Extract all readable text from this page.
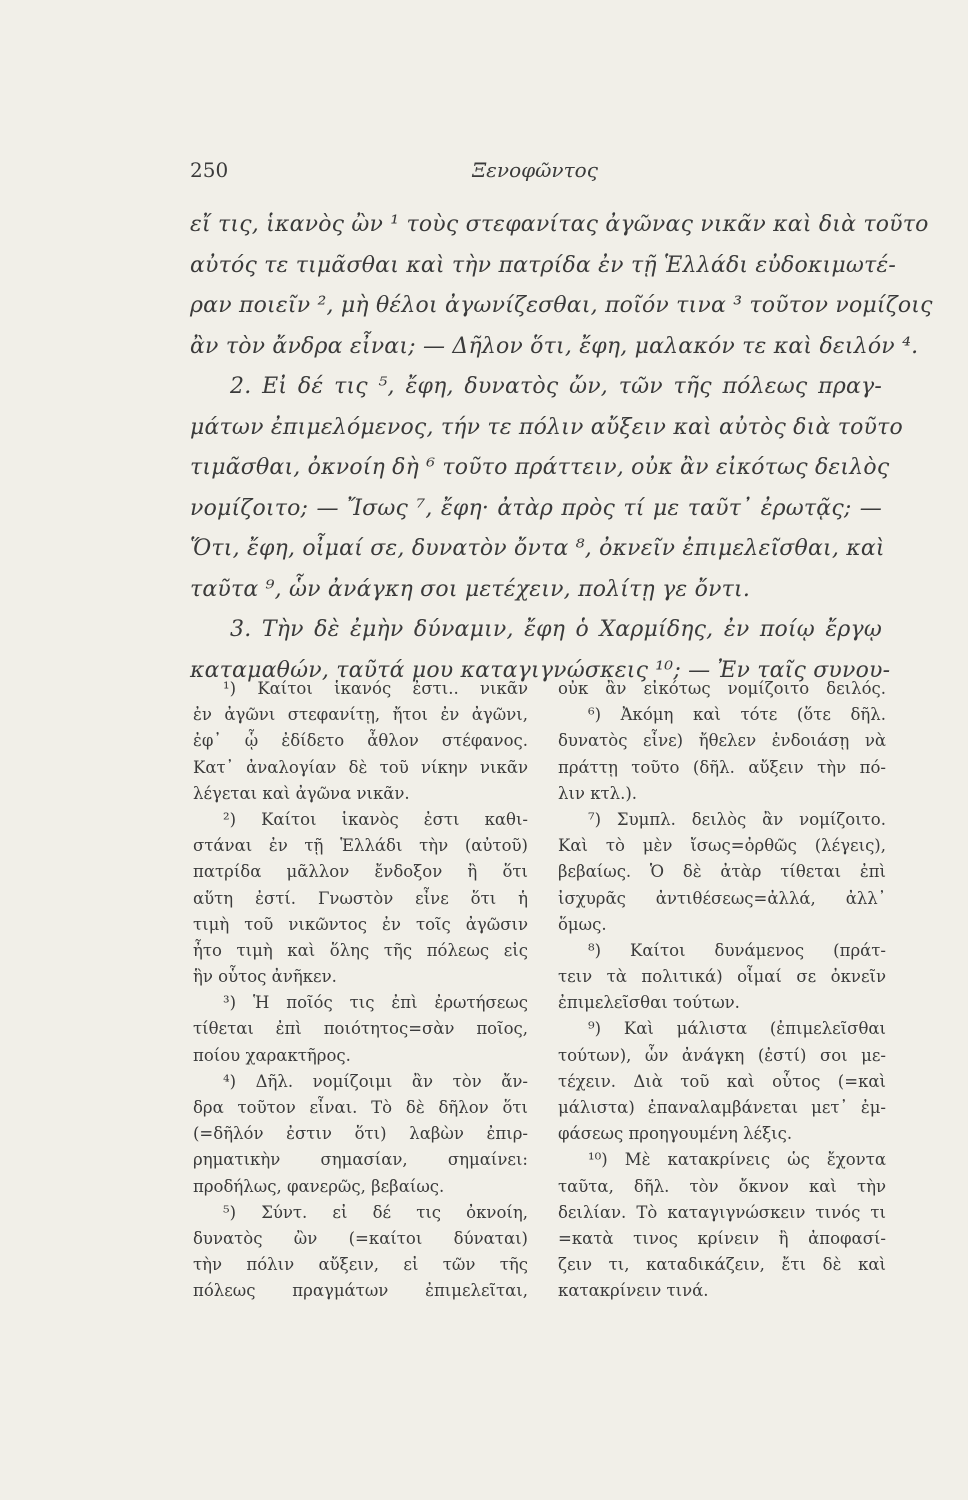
250	Ξενοφῶντος
εἴ τις, ἱκανὸς ὢν ¹ τοὺς στεφανίτας ἀγῶνας νικᾶν καὶ διὰ τοῦτο
αὐτός τε τιμᾶσθαι καὶ τὴν πατρίδα ἐν τῇ Ἑλλάδι εὐδοκιμωτέ-
ραν ποιεῖν ², μὴ θέλοι ἀγωνίζεσθαι, ποῖόν τινα ³ τοῦτον νομίζοις
ἂν τὸν ἄνδρα εἶναι; — Δῆλον ὅτι, ἔφη, μαλακόν τε καὶ δειλόν ⁴.
2. Εἰ δέ τις ⁵, ἔφη, δυνατὸς ὤν, τῶν τῆς πόλεως πραγ-
μάτων ἐπιμελόμενος, τήν τε πόλιν αὔξειν καὶ αὐτὸς διὰ τοῦτο
τιμᾶσθαι, ὀκνοίη δὴ ⁶ τοῦτο πράττειν, οὐκ ἂν εἰκότως δειλὸς
νομίζοιτο; — Ἴσως ⁷, ἔφη· ἀτὰρ πρὸς τί με ταῦτ᾽ ἐρωτᾷς; —
Ὅτι, ἔφη, οἶμαί σε, δυνατὸν ὄντα ⁸, ὀκνεῖν ἐπιμελεῖσθαι, καὶ
ταῦτα ⁹, ὧν ἀνάγκη σοι μετέχειν, πολίτῃ γε ὄντι.
3. Τὴν δὲ ἐμὴν δύναμιν, ἔφη ὁ Χαρμίδης, ἐν ποίῳ ἔργῳ
καταμαθών, ταῦτά μου καταγιγνώσκεις ¹⁰; — Ἐν ταῖς συνου-
¹) Καίτοι ἱκανός ἐστι.. νικᾶν
ἐν ἀγῶνι στεφανίτῃ, ἤτοι ἐν ἀγῶνι,
ἐφ᾽ ᾧ ἐδίδετο ἆθλον στέφανος.
Κατ᾽ ἀναλογίαν δὲ τοῦ νίκην νικᾶν
λέγεται καὶ ἀγῶνα νικᾶν.
²) Καίτοι ἱκανὸς ἐστι καθι-
στάναι ἐν τῇ Ἑλλάδι τὴν (αὐτοῦ)
πατρίδα μᾶλλον ἔνδοξον ἢ ὅτι
αὕτη ἐστί. Γνωστὸν εἶνε ὅτι ἡ
τιμὴ τοῦ νικῶντος ἐν τοῖς ἀγῶσιν
ἦτο τιμὴ καὶ ὅλης τῆς πόλεως εἰς
ἣν οὗτος ἀνῆκεν.
³) Ἡ ποῖός τις ἐπὶ ἐρωτήσεως
τίθεται ἐπὶ ποιότητος=σὰν ποῖος,
ποίου χαρακτῆρος.
⁴) Δῆλ. νομίζοιμι ἂν τὸν ἄν-
δρα τοῦτον εἶναι. Τὸ δὲ δῆλον ὅτι
(=δῆλόν ἐστιν ὅτι) λαβὼν ἐπιρ-
ρηματικὴν σημασίαν, σημαίνει:
προδήλως, φανερῶς, βεβαίως.
⁵) Σύντ. εἰ δέ τις ὀκνοίη,
δυνατὸς ὢν (=καίτοι δύναται)
τὴν πόλιν αὔξειν, εἰ τῶν τῆς
πόλεως πραγμάτων ἐπιμελεῖται,
οὐκ ἂν εἰκότως νομίζοιτο δειλός.
⁶) Ἀκόμη καὶ τότε (ὅτε δῆλ.
δυνατὸς εἶνε) ἤθελεν ἐνδοιάσῃ νὰ
πράττῃ τοῦτο (δῆλ. αὔξειν τὴν πό-
λιν κτλ.).
⁷) Συμπλ. δειλὸς ἂν νομίζοιτο.
Καὶ τὸ μὲν ἴσως=ὀρθῶς (λέγεις),
βεβαίως. Ὁ δὲ ἀτὰρ τίθεται ἐπὶ
ἰσχυρᾶς ἀντιθέσεως=ἀλλά, ἀλλ᾽
ὅμως.
⁸) Καίτοι δυνάμενος (πράτ-
τειν τὰ πολιτικά) οἶμαί σε ὀκνεῖν
ἐπιμελεῖσθαι τούτων.
⁹) Καὶ μάλιστα (ἐπιμελεῖσθαι
τούτων), ὧν ἀνάγκη (ἐστί) σοι με-
τέχειν. Διὰ τοῦ καὶ οὗτος (=καὶ
μάλιστα) ἐπαναλαμβάνεται μετ᾽ ἐμ-
φάσεως προηγουμένη λέξις.
¹⁰) Μὲ κατακρίνεις ὡς ἔχοντα
ταῦτα, δῆλ. τὸν ὄκνον καὶ τὴν
δειλίαν. Τὸ καταγιγνώσκειν τινός τι
=κατὰ τινος κρίνειν ἢ ἀποφασί-
ζειν τι, καταδικάζειν, ἔτι δὲ καὶ
κατακρίνειν τινά.
